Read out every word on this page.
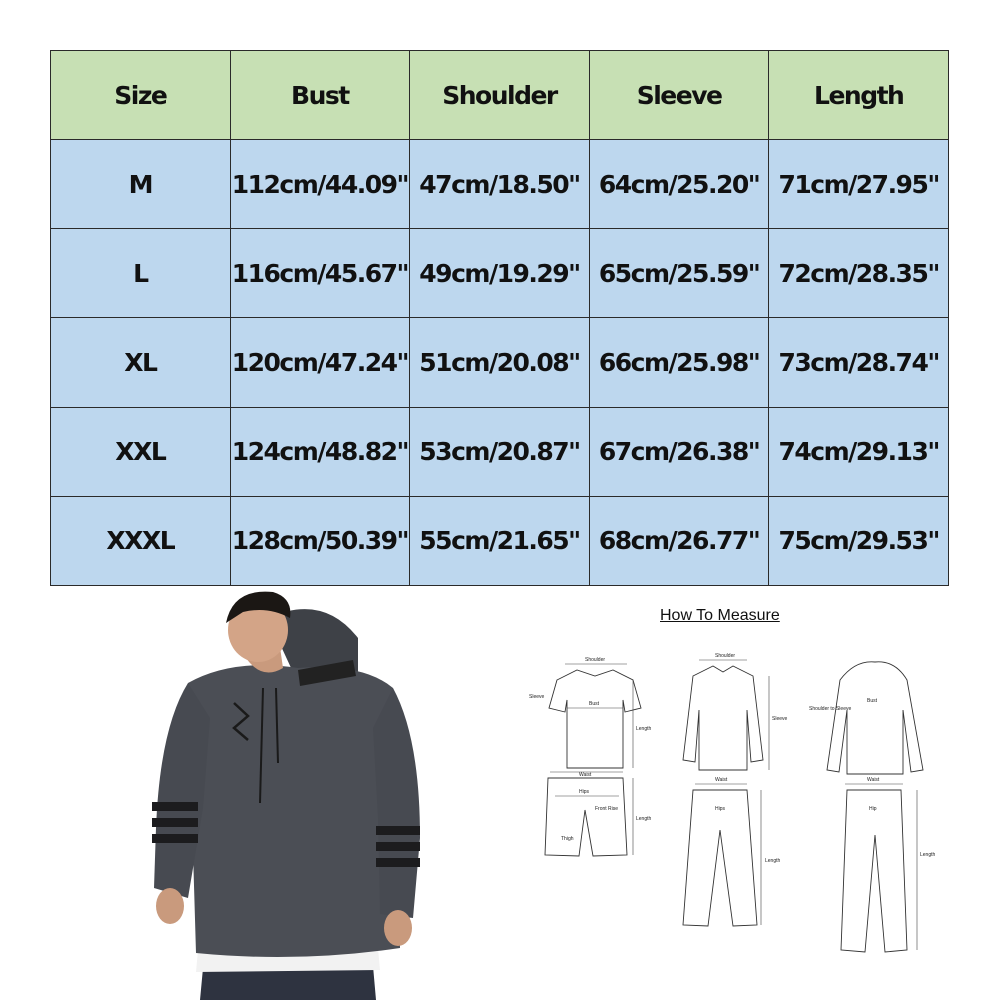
Size	Bust	Shoulder	Sleeve	Length
M	112cm/44.09"	47cm/18.50"	64cm/25.20"	71cm/27.95"
L	116cm/45.67"	49cm/19.29"	65cm/25.59"	72cm/28.35"
XL	120cm/47.24"	51cm/20.08"	66cm/25.98"	73cm/28.74"
XXL	124cm/48.82"	53cm/20.87"	67cm/26.38"	74cm/29.13"
XXXL	128cm/50.39"	55cm/21.65"	68cm/26.77"	75cm/29.53"
How To Measure
Shoulder
Sleeve
Bust
Length
Waist
Hips
Front Rise
Thigh
Length
Shoulder
Sleeve
Waist
Hips
Length
Bust
Shoulder to Sleeve
Waist
Hip
Length
